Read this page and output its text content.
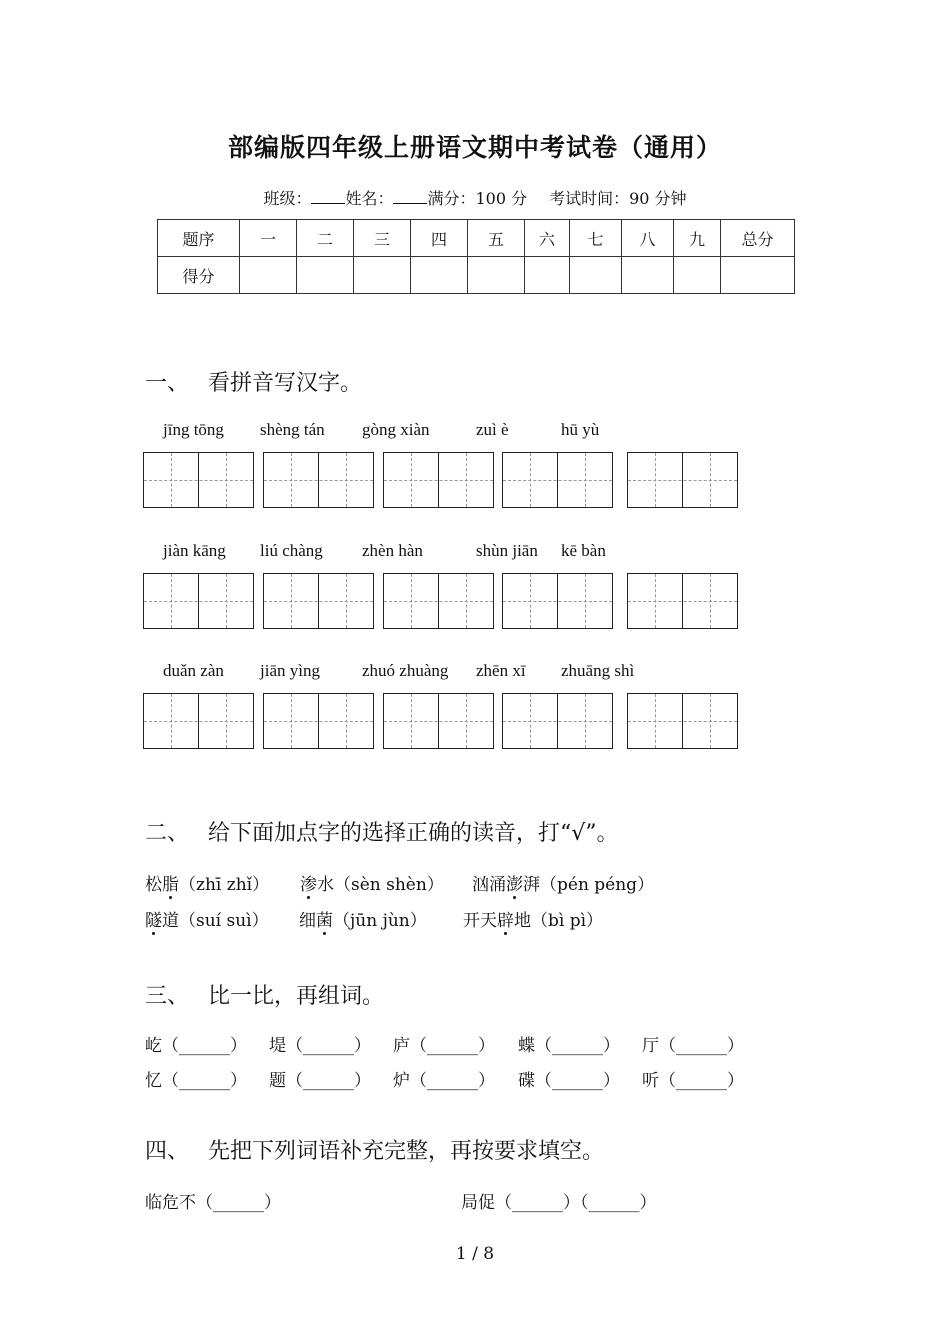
部编版四年级上册语文期中考试卷（通用）
班级： 姓名： 满分：100 分 考试时间：90 分钟
题序	一	二	三	四	五	六	七	八	九	总分
得分										
一、 看拼音写汉字。
jīng tōng shèng tán gòng xiàn	zuì è	hū yù
jiàn kāng liú chàng zhèn hàn	shùn jiān kē bàn
duǎn zàn jiān yìng zhuó zhuàng zhēn xī zhuāng shì
二、 给下面加点字的选择正确的读音，打“√”。
松脂（zhī zhǐ） 渗水（sèn shèn） 汹涌澎湃（pén péng）
隧道（suí suì） 细菌（jūn jùn） 开天辟地（bì pì）
三、 比一比，再组词。
屹（______） 堤（______） 庐（______） 蝶（______） 厅（______）
忆（______） 题（______） 炉（______） 碟（______） 听（______）
四、 先把下列词语补充完整，再按要求填空。
临危不（______）	局促（______）（______）
1 / 8
